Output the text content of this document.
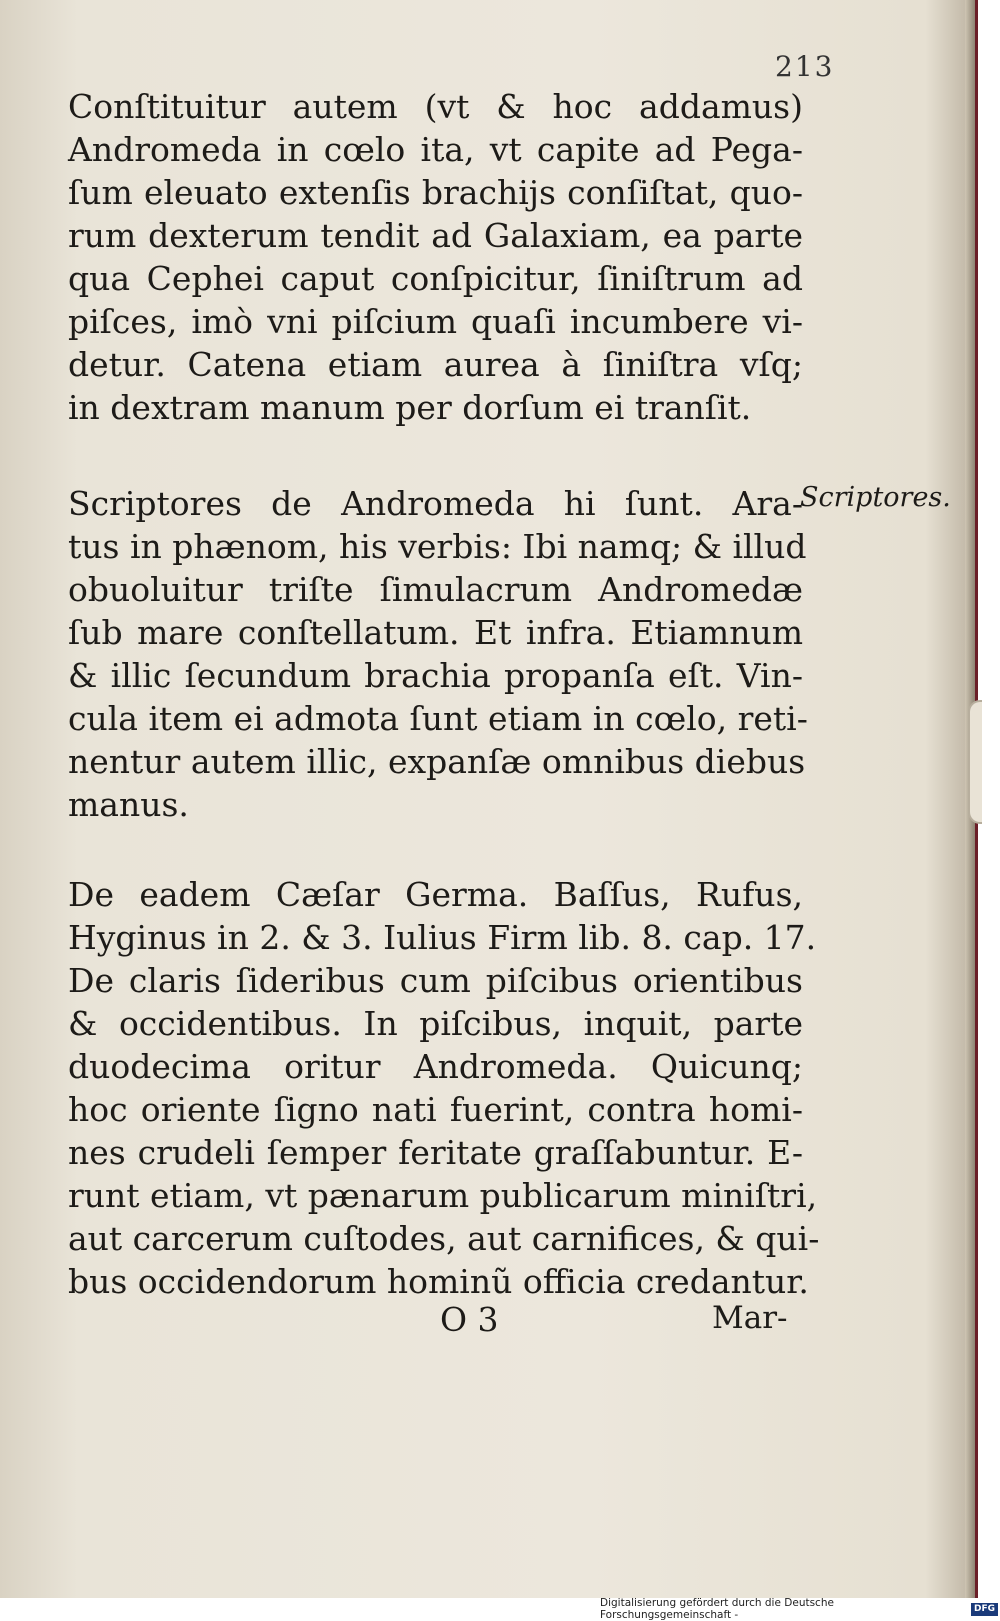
213
Conſtituitur autem (vt & hoc addamus)
Andromeda in cœlo ita, vt capite ad Pega-
ſum eleuato extenſis brachijs conſiſtat, quo-
rum dexterum tendit ad Galaxiam, ea parte
qua Cephei caput conſpicitur, ſiniſtrum ad
piſces, imò vni piſcium quaſi incumbere vi-
detur. Catena etiam aurea à ſiniſtra vſq;
in dextram manum per dorſum ei tranſit.
Scriptores de Andromeda hi ſunt. Ara-
tus in phænom, his verbis: Ibi namq; & illud
obuoluitur triſte ſimulacrum Andromedæ
ſub mare conſtellatum. Et infra. Etiamnum
& illic ſecundum brachia propanſa eſt. Vin-
cula item ei admota ſunt etiam in cœlo, reti-
nentur autem illic, expanſæ omnibus diebus
manus.
De eadem Cæſar Germa. Baſſus, Rufus,
Hyginus in 2. & 3. Iulius Firm lib. 8. cap. 17.
De claris ſideribus cum piſcibus orientibus
& occidentibus. In piſcibus, inquit, parte
duodecima oritur Andromeda. Quicunq;
hoc oriente ſigno nati fuerint, contra homi-
nes crudeli ſemper feritate graſſabuntur. E-
runt etiam, vt pænarum publicarum miniſtri,
aut carcerum cuſtodes, aut carnifices, & qui-
bus occidendorum hominũ officia credantur.
Scriptores.
O 3	Mar-
Digitalisierung gefördert durch die Deutsche Forschungsgemeinschaft -
DFG
